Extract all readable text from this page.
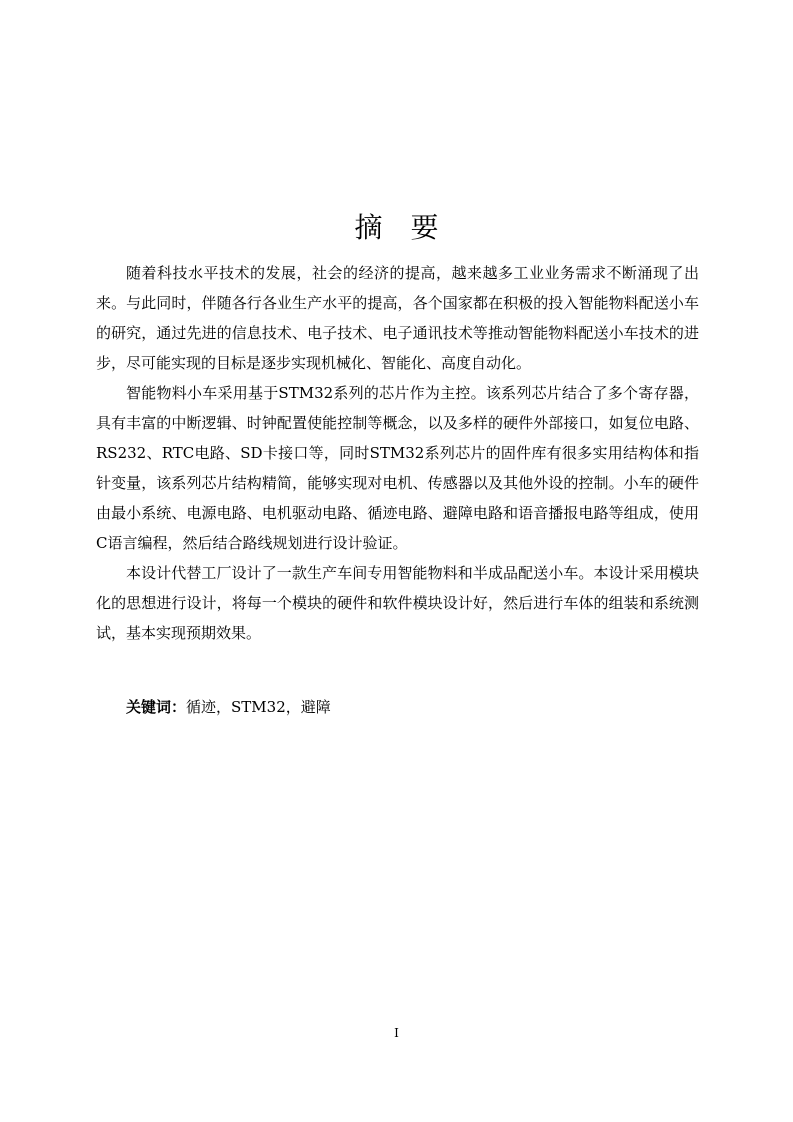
摘要

随着科技水平技术的发展，社会的经济的提高，越来越多工业业务需求不断涌现了出来。与此同时，伴随各行各业生产水平的提高，各个国家都在积极的投入智能物料配送小车的研究，通过先进的信息技术、电子技术、电子通讯技术等推动智能物料配送小车技术的进步，尽可能实现的目标是逐步实现机械化、智能化、高度自动化。

智能物料小车采用基于STM32系列的芯片作为主控。该系列芯片结合了多个寄存器，具有丰富的中断逻辑、时钟配置使能控制等概念，以及多样的硬件外部接口，如复位电路、RS232、RTC电路、SD卡接口等，同时STM32系列芯片的固件库有很多实用结构体和指针变量，该系列芯片结构精简，能够实现对电机、传感器以及其他外设的控制。小车的硬件由最小系统、电源电路、电机驱动电路、循迹电路、避障电路和语音播报电路等组成，使用C语言编程，然后结合路线规划进行设计验证。

本设计代替工厂设计了一款生产车间专用智能物料和半成品配送小车。本设计采用模块化的思想进行设计，将每一个模块的硬件和软件模块设计好，然后进行车体的组装和系统测试，基本实现预期效果。

关键词：循迹，STM32，避障

I
